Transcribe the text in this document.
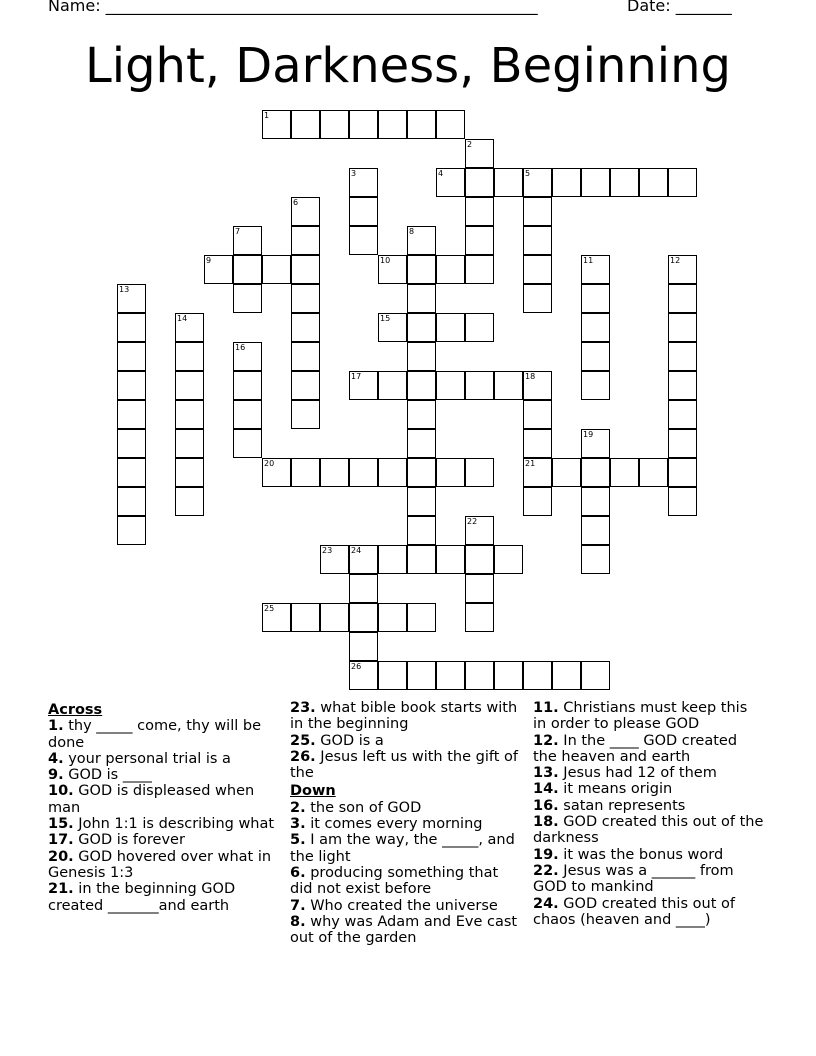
Name: ______________________________________________________	Date: _______
Light, Darkness, Beginning
1
2
3	4	5
6
7	8
9	10	11	12
13
14	15
16
17	18
21
19
20
22
23 24
26
25

Across

1. thy _____ come, thy will be done

4. your personal trial is a

9. GOD is ____

10. GOD is displeased when man

15. John 1:1 is describing what

17. GOD is forever

20. GOD hovered over what in Genesis 1:3

21. in the beginning GOD created _______and earth

23. what bible book starts with in the beginning

25. GOD is a

26. Jesus left us with the gift of the

Down

2. the son of GOD

3. it comes every morning

5. I am the way, the _____, and the light

6. producing something that did not exist before

7. Who created the universe

8. why was Adam and Eve cast out of the garden

11. Christians must keep this in order to please GOD

12. In the ____ GOD created the heaven and earth

13. Jesus had 12 of them

14. it means origin

16. satan represents

18. GOD created this out of the darkness

19. it was the bonus word

22. Jesus was a ______ from GOD to mankind

24. GOD created this out of chaos (heaven and ____)
